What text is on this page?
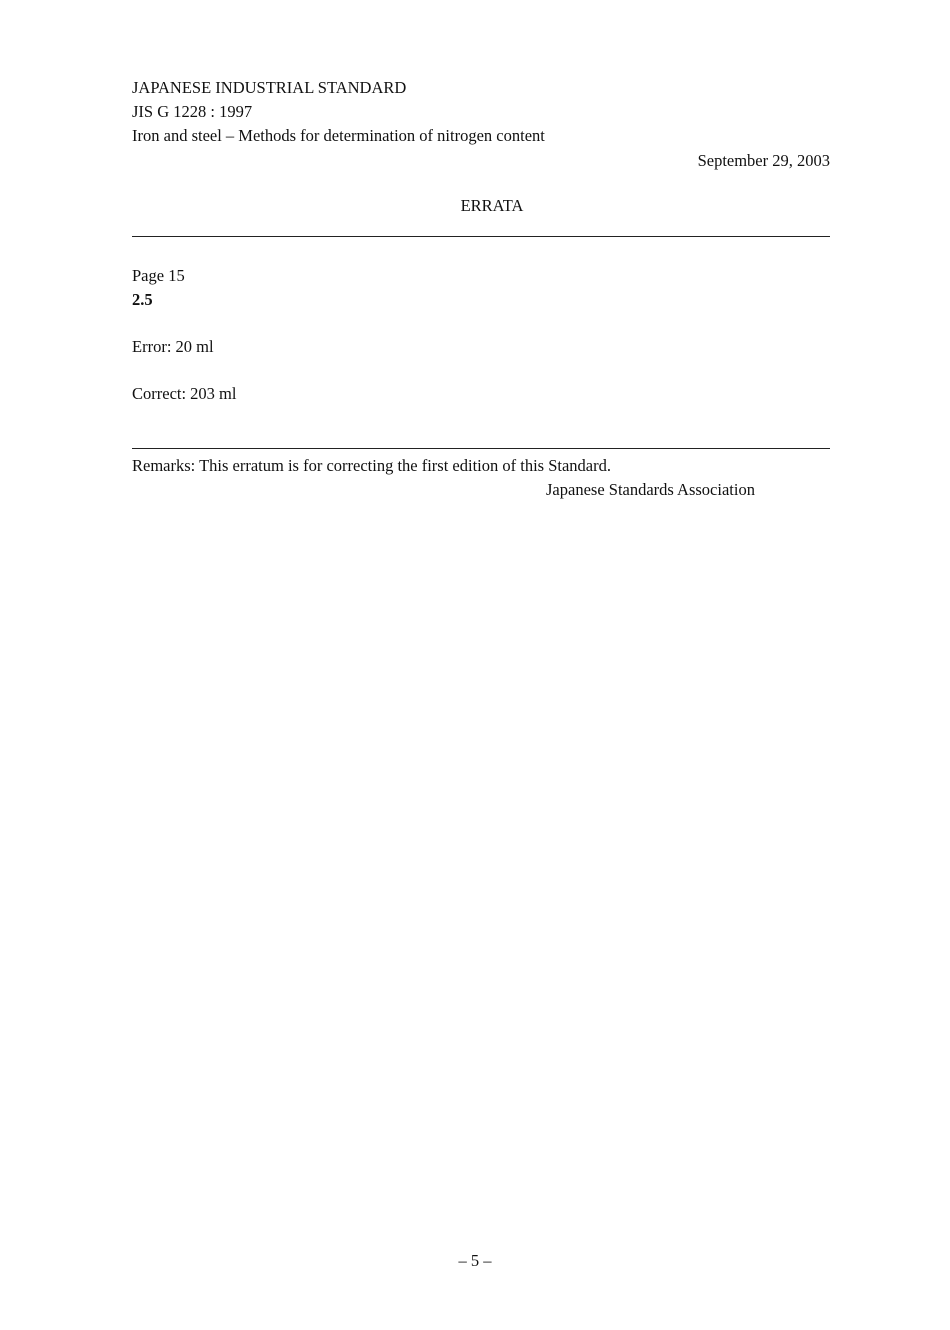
JAPANESE INDUSTRIAL STANDARD
JIS G 1228 : 1997
Iron and steel – Methods for determination of nitrogen content
September 29, 2003
ERRATA
Page 15
2.5
Error: 20 ml
Correct: 203 ml
Remarks: This erratum is for correcting the first edition of this Standard.
Japanese Standards Association
– 5 –
